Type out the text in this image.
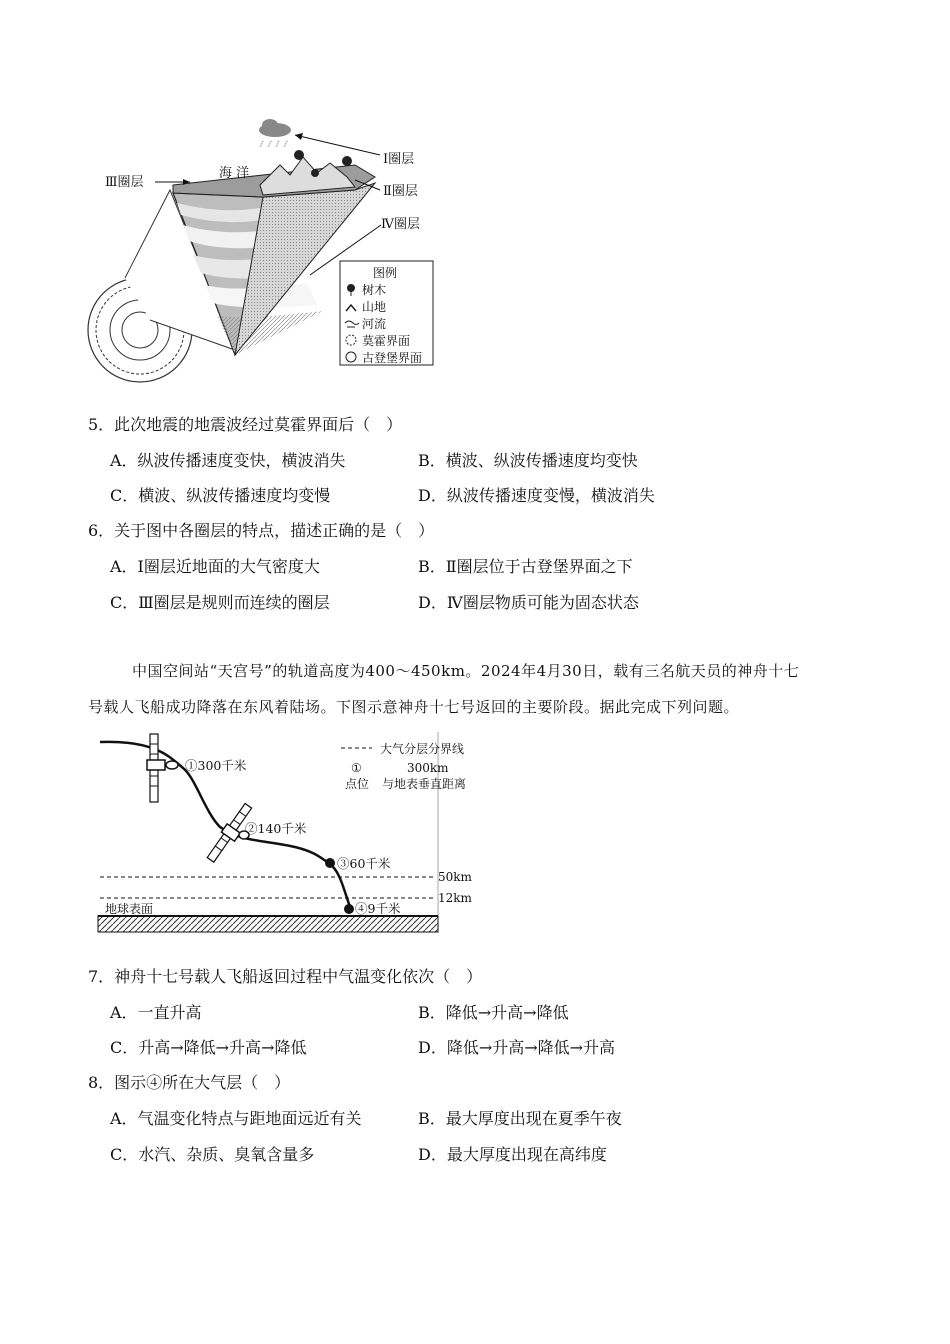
Ⅰ圈层
Ⅱ圈层
Ⅲ圈层
Ⅳ圈层
海 洋
图例
树木
山地
河流
莫霍界面
古登堡界面
5．此次地震的地震波经过莫霍界面后（　）
A．纵波传播速度变快，横波消失	B．横波、纵波传播速度均变快
C．横波、纵波传播速度均变慢	D．纵波传播速度变慢，横波消失
6．关于图中各圈层的特点，描述正确的是（　）
A．Ⅰ圈层近地面的大气密度大	B．Ⅱ圈层位于古登堡界面之下
C．Ⅲ圈层是规则而连续的圈层	D．Ⅳ圈层物质可能为固态状态
中国空间站“天宫号”的轨道高度为400～450km。2024年4月30日，载有三名航天员的神舟十七
号载人飞船成功降落在东风着陆场。下图示意神舟十七号返回的主要阶段。据此完成下列问题。
①300千米
②140千米
③60千米
④9千米
50km
12km
地球表面
大气分层分界线
①
点位
300km
与地表垂直距离
7．神舟十七号载人飞船返回过程中气温变化依次（　）
A．一直升高	B．降低→升高→降低
C．升高→降低→升高→降低	D．降低→升高→降低→升高
8．图示④所在大气层（　）
A．气温变化特点与距地面远近有关	B．最大厚度出现在夏季午夜
C．水汽、杂质、臭氧含量多	D．最大厚度出现在高纬度
